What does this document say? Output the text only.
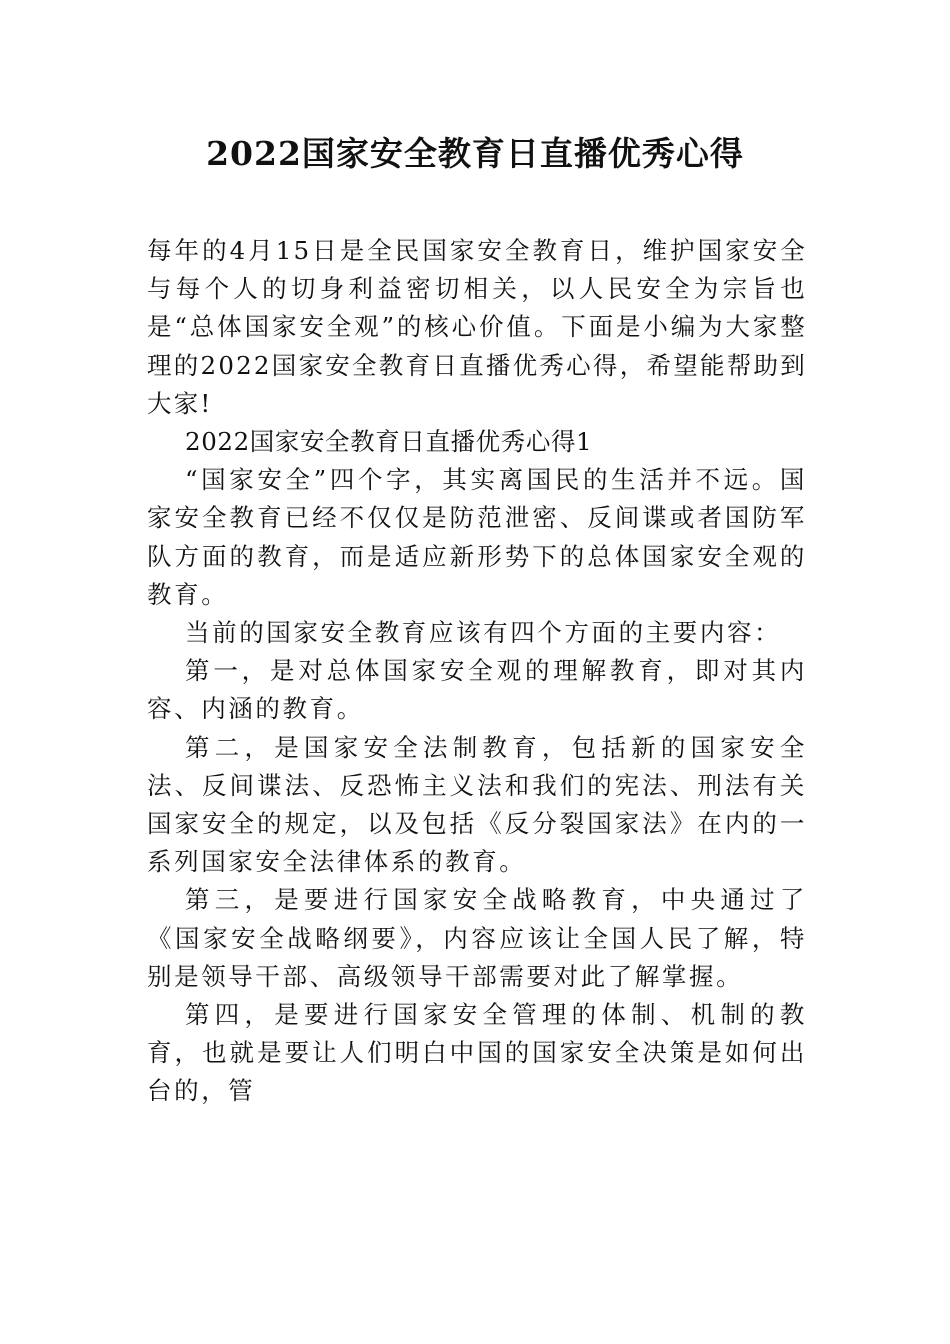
2022国家安全教育日直播优秀心得

每年的4月15日是全民国家安全教育日，维护国家安全与每个人的切身利益密切相关，以人民安全为宗旨也是“总体国家安全观”的核心价值。下面是小编为大家整理的2022国家安全教育日直播优秀心得，希望能帮助到大家!

2022国家安全教育日直播优秀心得1

“国家安全”四个字，其实离国民的生活并不远。国家安全教育已经不仅仅是防范泄密、反间谍或者国防军队方面的教育，而是适应新形势下的总体国家安全观的教育。

当前的国家安全教育应该有四个方面的主要内容：

第一，是对总体国家安全观的理解教育，即对其内容、内涵的教育。

第二，是国家安全法制教育，包括新的国家安全法、反间谍法、反恐怖主义法和我们的宪法、刑法有关国家安全的规定，以及包括《反分裂国家法》在内的一系列国家安全法律体系的教育。

第三，是要进行国家安全战略教育，中央通过了《国家安全战略纲要》，内容应该让全国人民了解，特别是领导干部、高级领导干部需要对此了解掌握。

第四，是要进行国家安全管理的体制、机制的教育，也就是要让人们明白中国的国家安全决策是如何出台的，管
